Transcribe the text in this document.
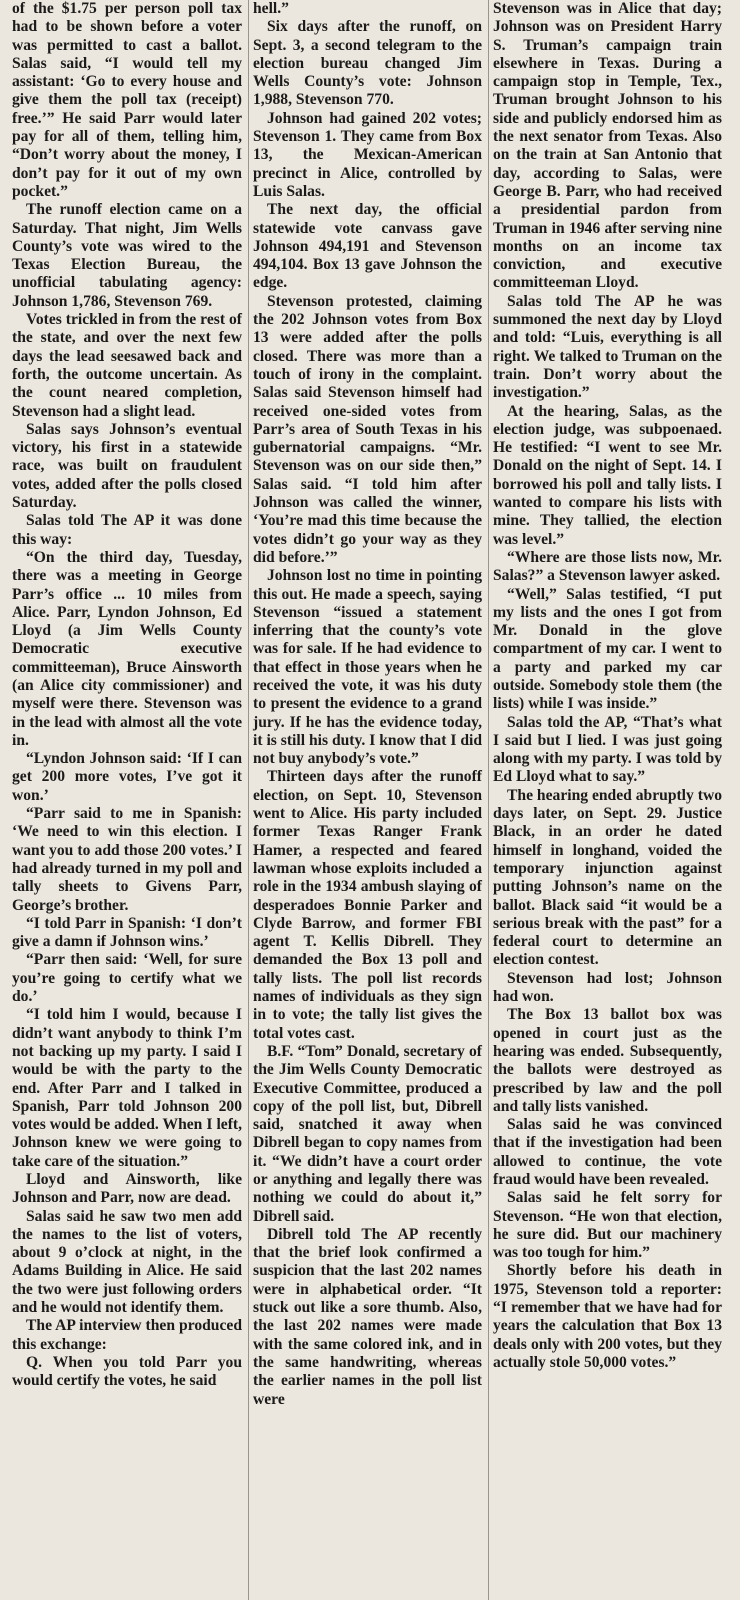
of the $1.75 per person poll tax had to be shown before a voter was permitted to cast a ballot. Salas said, “I would tell my assistant: ‘Go to every house and give them the poll tax (receipt) free.’” He said Parr would later pay for all of them, telling him, “Don’t worry about the money, I don’t pay for it out of my own pocket.”

The runoff election came on a Saturday. That night, Jim Wells County’s vote was wired to the Texas Election Bureau, the unofficial tabulating agency: Johnson 1,786, Stevenson 769.

Votes trickled in from the rest of the state, and over the next few days the lead seesawed back and forth, the outcome uncertain. As the count neared completion, Stevenson had a slight lead.

Salas says Johnson’s eventual victory, his first in a statewide race, was built on fraudulent votes, added after the polls closed Saturday.

Salas told The AP it was done this way:

“On the third day, Tuesday, there was a meeting in George Parr’s office ... 10 miles from Alice. Parr, Lyndon Johnson, Ed Lloyd (a Jim Wells County Democratic executive committeeman), Bruce Ainsworth (an Alice city commissioner) and myself were there. Stevenson was in the lead with almost all the vote in.

“Lyndon Johnson said: ‘If I can get 200 more votes, I’ve got it won.’

“Parr said to me in Spanish: ‘We need to win this election. I want you to add those 200 votes.’ I had already turned in my poll and tally sheets to Givens Parr, George’s brother.

“I told Parr in Spanish: ‘I don’t give a damn if Johnson wins.’

“Parr then said: ‘Well, for sure you’re going to certify what we do.’

“I told him I would, because I didn’t want anybody to think I’m not backing up my party. I said I would be with the party to the end. After Parr and I talked in Spanish, Parr told Johnson 200 votes would be added. When I left, Johnson knew we were going to take care of the situation.”

Lloyd and Ainsworth, like Johnson and Parr, now are dead.

Salas said he saw two men add the names to the list of voters, about 9 o’clock at night, in the Adams Building in Alice. He said the two were just following orders and he would not identify them.

The AP interview then produced this exchange:

Q. When you told Parr you would certify the votes, he said

hell.”

Six days after the runoff, on Sept. 3, a second telegram to the election bureau changed Jim Wells County’s vote: Johnson 1,988, Stevenson 770.

Johnson had gained 202 votes; Stevenson 1. They came from Box 13, the Mexican-American precinct in Alice, controlled by Luis Salas.

The next day, the official statewide vote canvass gave Johnson 494,191 and Stevenson 494,104. Box 13 gave Johnson the edge.

Stevenson protested, claiming the 202 Johnson votes from Box 13 were added after the polls closed. There was more than a touch of irony in the complaint. Salas said Stevenson himself had received one-sided votes from Parr’s area of South Texas in his gubernatorial campaigns. “Mr. Stevenson was on our side then,” Salas said. “I told him after Johnson was called the winner, ‘You’re mad this time because the votes didn’t go your way as they did before.’”

Johnson lost no time in pointing this out. He made a speech, saying Stevenson “issued a statement inferring that the county’s vote was for sale. If he had evidence to that effect in those years when he received the vote, it was his duty to present the evidence to a grand jury. If he has the evidence today, it is still his duty. I know that I did not buy anybody’s vote.”

Thirteen days after the runoff election, on Sept. 10, Stevenson went to Alice. His party included former Texas Ranger Frank Hamer, a respected and feared lawman whose exploits included a role in the 1934 ambush slaying of desperadoes Bonnie Parker and Clyde Barrow, and former FBI agent T. Kellis Dibrell. They demanded the Box 13 poll and tally lists. The poll list records names of individuals as they sign in to vote; the tally list gives the total votes cast.

B.F. “Tom” Donald, secretary of the Jim Wells County Democratic Executive Committee, produced a copy of the poll list, but, Dibrell said, snatched it away when Dibrell began to copy names from it. “We didn’t have a court order or anything and legally there was nothing we could do about it,” Dibrell said.

Dibrell told The AP recently that the brief look confirmed a suspicion that the last 202 names were in alphabetical order. “It stuck out like a sore thumb. Also, the last 202 names were made with the same colored ink, and in the same handwriting, whereas the earlier names in the poll list were

Stevenson was in Alice that day; Johnson was on President Harry S. Truman’s campaign train elsewhere in Texas. During a campaign stop in Temple, Tex., Truman brought Johnson to his side and publicly endorsed him as the next senator from Texas. Also on the train at San Antonio that day, according to Salas, were George B. Parr, who had received a presidential pardon from Truman in 1946 after serving nine months on an income tax conviction, and executive committeeman Lloyd.

Salas told The AP he was summoned the next day by Lloyd and told: “Luis, everything is all right. We talked to Truman on the train. Don’t worry about the investigation.”

At the hearing, Salas, as the election judge, was subpoenaed. He testified: “I went to see Mr. Donald on the night of Sept. 14. I borrowed his poll and tally lists. I wanted to compare his lists with mine. They tallied, the election was level.”

“Where are those lists now, Mr. Salas?” a Stevenson lawyer asked.

“Well,” Salas testified, “I put my lists and the ones I got from Mr. Donald in the glove compartment of my car. I went to a party and parked my car outside. Somebody stole them (the lists) while I was inside.”

Salas told the AP, “That’s what I said but I lied. I was just going along with my party. I was told by Ed Lloyd what to say.”

The hearing ended abruptly two days later, on Sept. 29. Justice Black, in an order he dated himself in longhand, voided the temporary injunction against putting Johnson’s name on the ballot. Black said “it would be a serious break with the past” for a federal court to determine an election contest.

Stevenson had lost; Johnson had won.

The Box 13 ballot box was opened in court just as the hearing was ended. Subsequently, the ballots were destroyed as prescribed by law and the poll and tally lists vanished.

Salas said he was convinced that if the investigation had been allowed to continue, the vote fraud would have been revealed.

Salas said he felt sorry for Stevenson. “He won that election, he sure did. But our machinery was too tough for him.”

Shortly before his death in 1975, Stevenson told a reporter: “I remember that we have had for years the calculation that Box 13 deals only with 200 votes, but they actually stole 50,000 votes.”
